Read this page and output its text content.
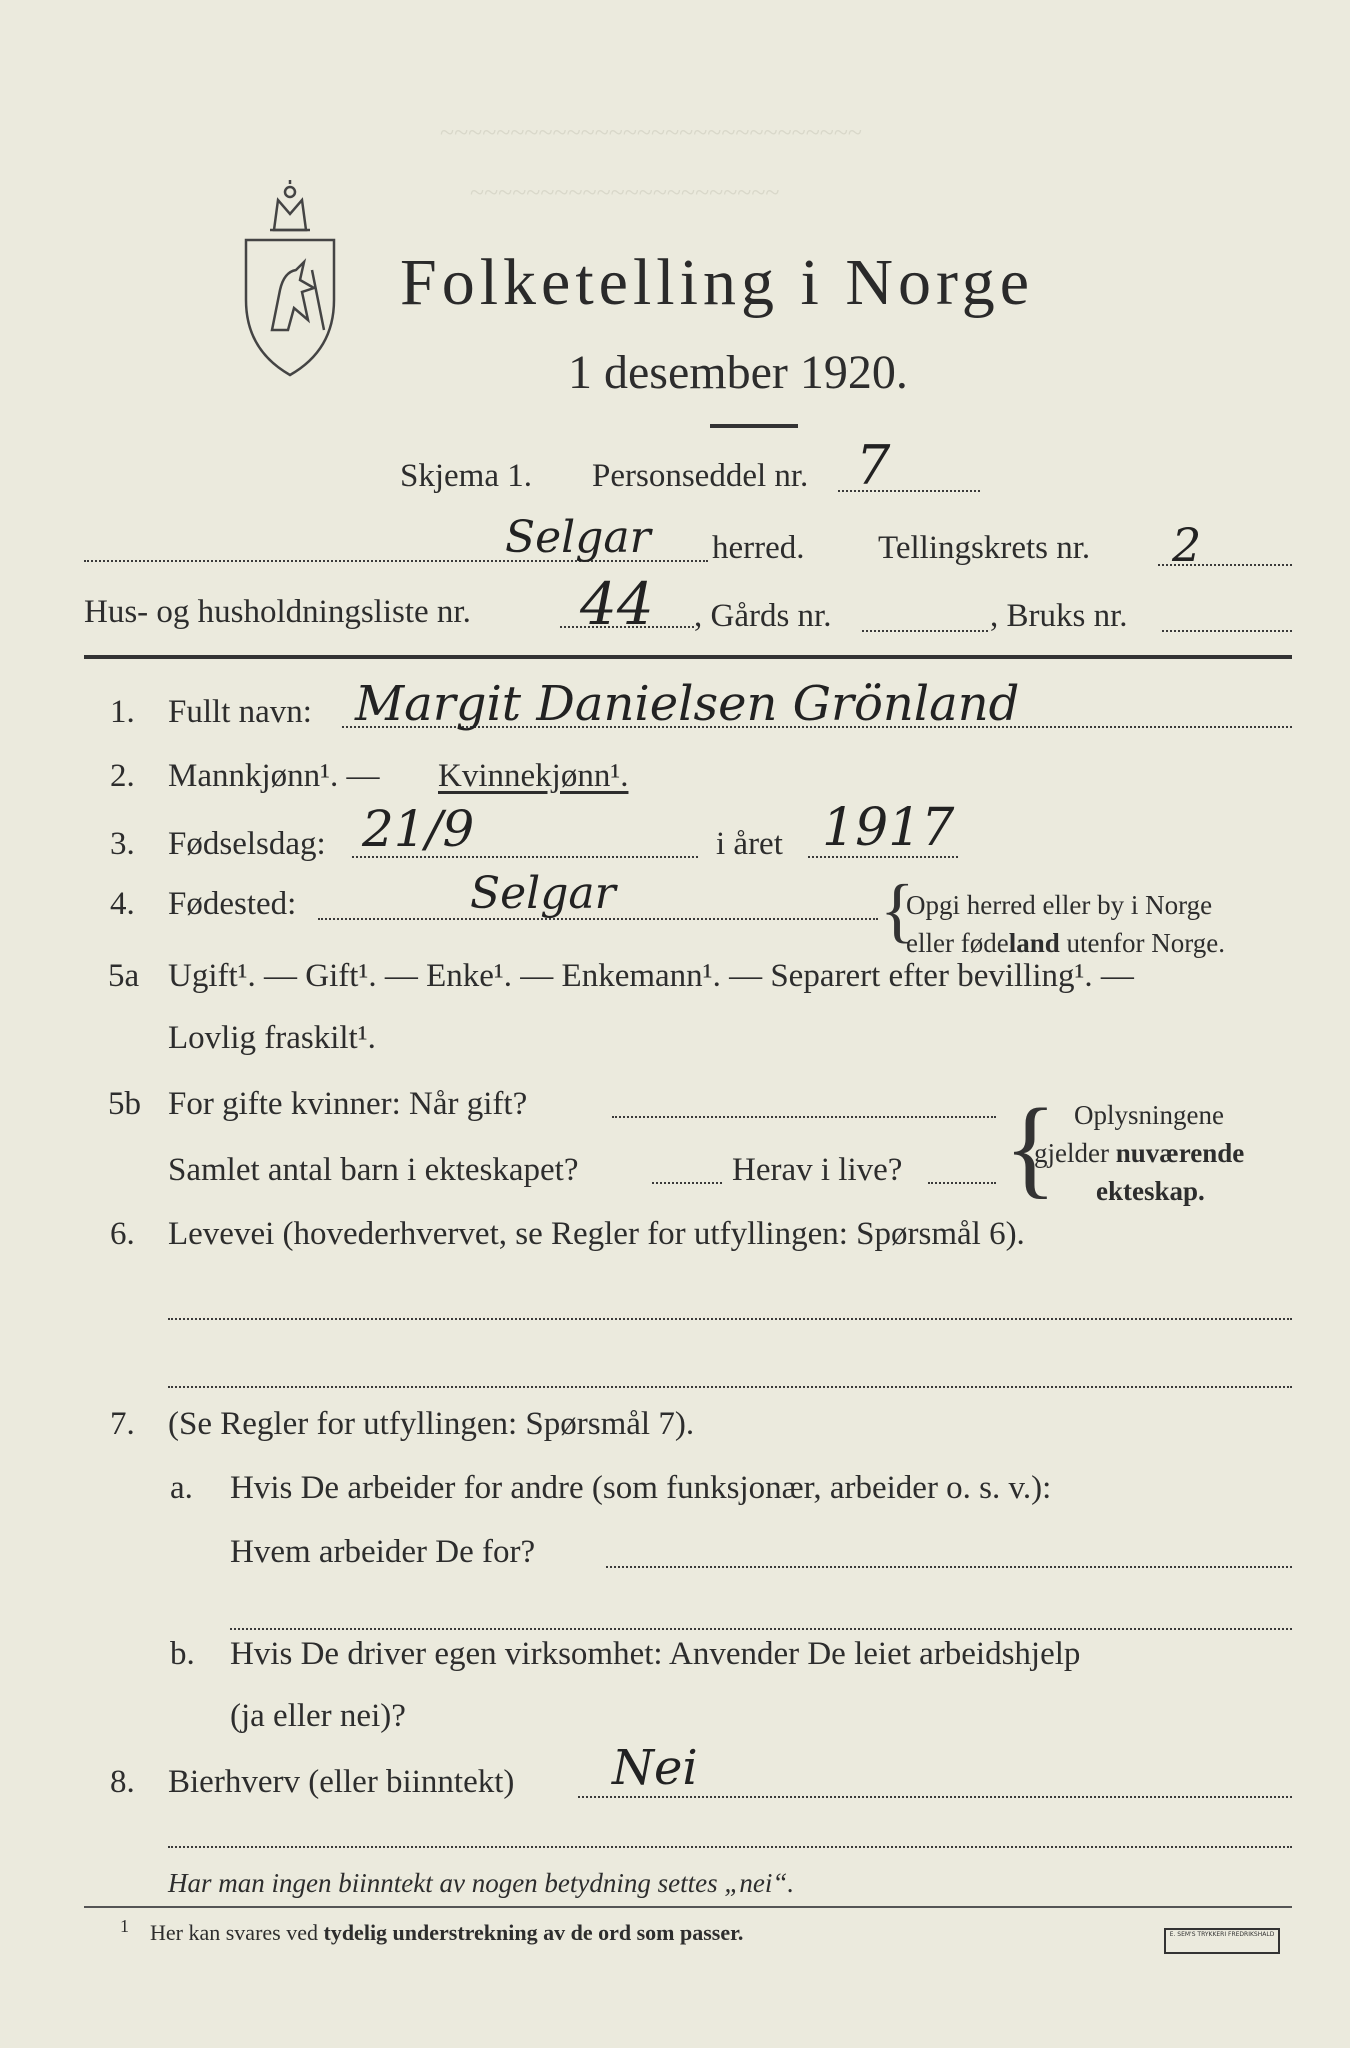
~~~~~~~~~~~~~~~~~~~~~~~~~~~~~~
~~~~~~~~~~~~~~~~~~~~~~
Folketelling i Norge
1 desember 1920.
Skjema 1. Personseddel nr. 7
Selgar herred. Tellingskrets nr. 2
Hus- og husholdningsliste nr. 44 , Gårds nr.	, Bruks nr.
1. Fullt navn: Margit Danielsen Grönland
2. Mannkjønn¹. — Kvinnekjønn¹.
3. Fødselsdag: 21/9	i året 1917
4. Fødested:	Selgar	{
Opgi herred eller by i Norge
eller fødeland utenfor Norge.
5a Ugift¹. — Gift¹. — Enke¹. — Enkemann¹. — Separert efter bevilling¹. —
Lovlig fraskilt¹.
5b For gifte kvinner: Når gift?
Samlet antal barn i ekteskapet?	Herav i live? { Oplysningene
gjelder nuværende
ekteskap.
6. Levevei (hovederhvervet, se Regler for utfyllingen: Spørsmål 6).
7. (Se Regler for utfyllingen: Spørsmål 7).
a. Hvis De arbeider for andre (som funksjonær, arbeider o. s. v.):
Hvem arbeider De for?
b. Hvis De driver egen virksomhet: Anvender De leiet arbeidshjelp
(ja eller nei)?
8. Bierhverv (eller biinntekt) Nei
Har man ingen biinntekt av nogen betydning settes „nei“.
1 Her kan svares ved tydelig understrekning av de ord som passer.	E. SEM'S TRYKKERI FREDRIKSHALD
